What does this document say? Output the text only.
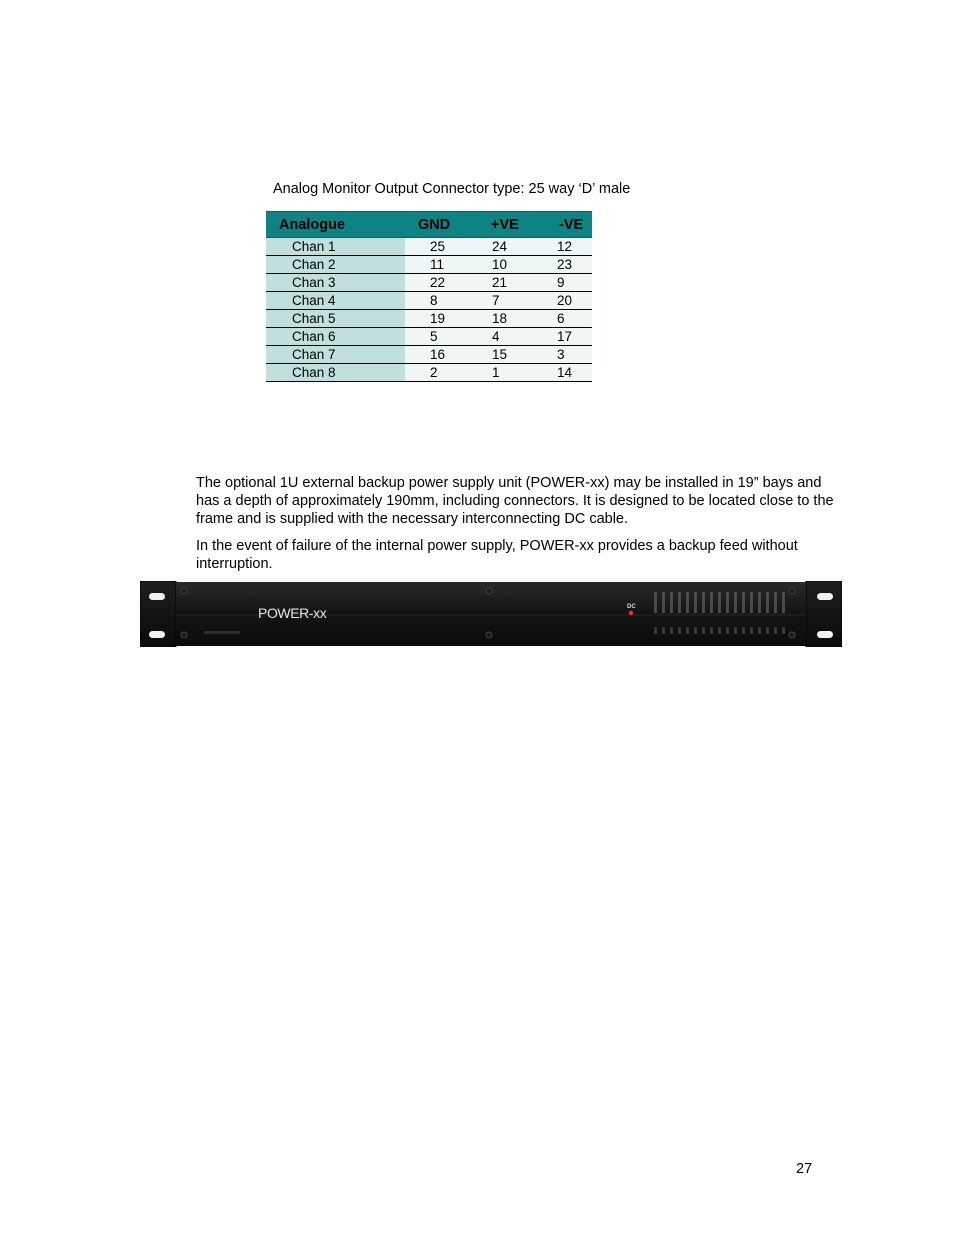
Analog Monitor Output Connector type: 25 way ‘D’ male
Analogue	GND	+VE	-VE
Chan 1	25	24	12
Chan 2	11	10	23
Chan 3	22	21	9
Chan 4	8	7	20
Chan 5	19	18	6
Chan 6	5	4	17
Chan 7	16	15	3
Chan 8	2	1	14

The optional 1U external backup power supply unit (POWER-xx) may be installed in 19” bays and has a depth of approximately 190mm, including connectors. It is designed to be located close to the frame and is supplied with the necessary interconnecting DC cable.

In the event of failure of the internal power supply, POWER-xx provides a backup feed without interruption.

POWER-xx	DC
27
